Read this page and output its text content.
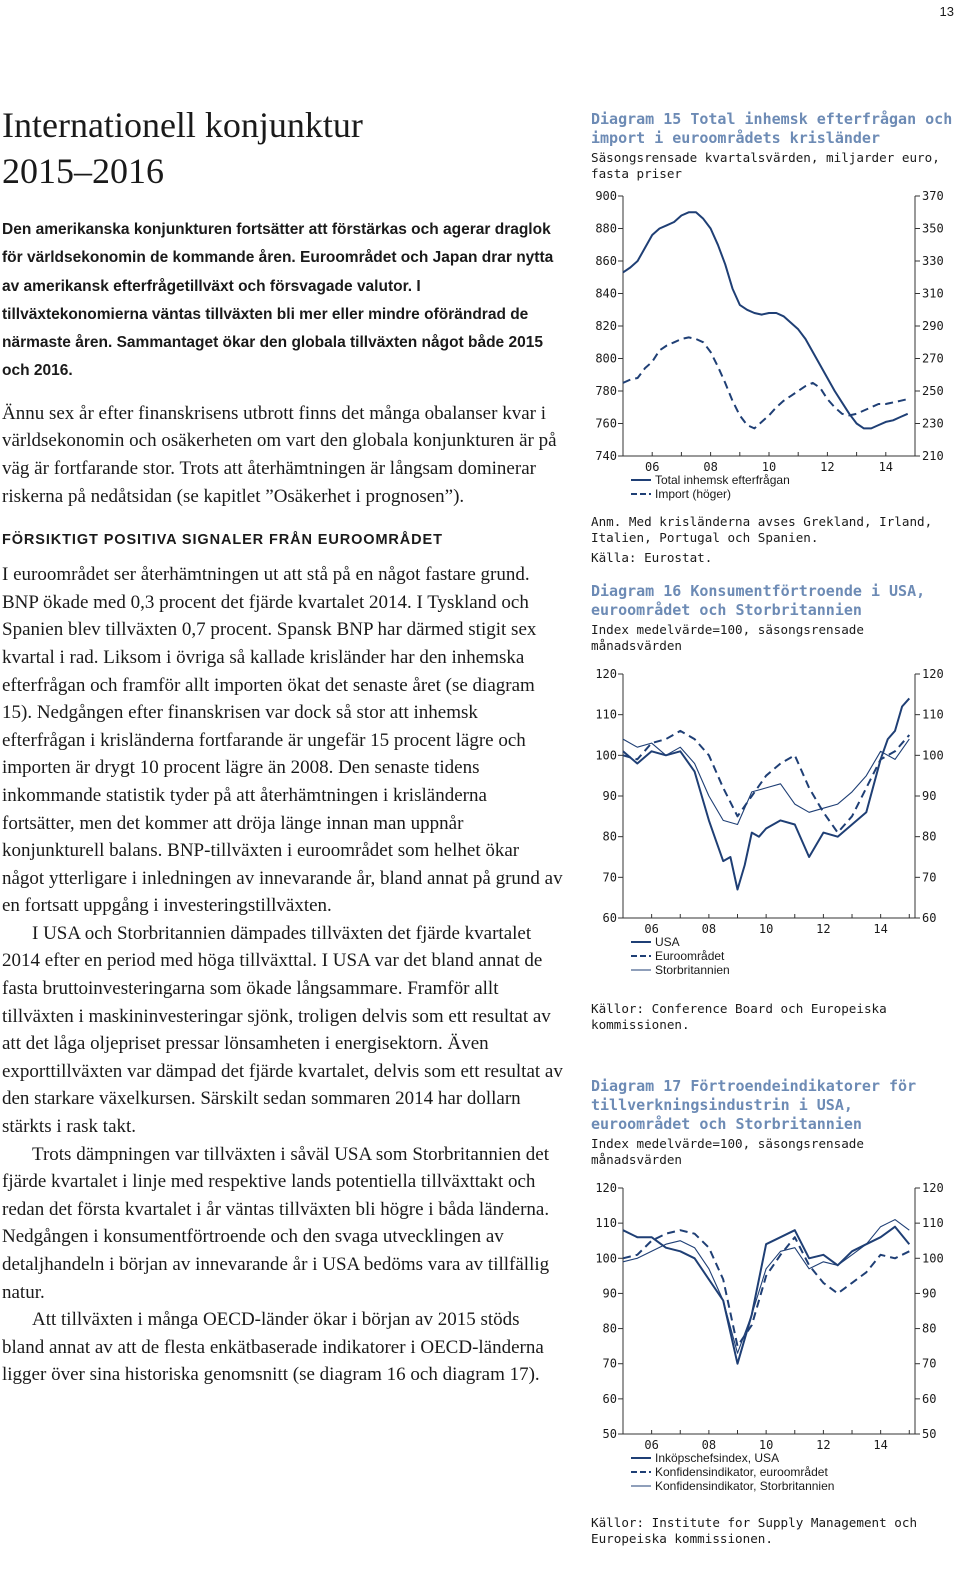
13
Internationell konjunktur
2015–2016

Den amerikanska konjunkturen fortsätter att förstärkas och agerar draglok för världsekonomin de kommande åren. Euroområdet och Japan drar nytta av amerikansk efterfrågetillväxt och försvagade valutor. I tillväxtekonomierna väntas tillväxten bli mer eller mindre oförändrad de närmaste åren. Sammantaget ökar den globala tillväxten något både 2015 och 2016.

Ännu sex år efter finanskrisens utbrott finns det många obalanser kvar i världsekonomin och osäkerheten om vart den globala konjunkturen är på väg är fortfarande stor. Trots att återhämtningen är långsam dominerar riskerna på nedåtsidan (se kapitlet ”Osäkerhet i prognosen”).

FÖRSIKTIGT POSITIVA SIGNALER FRÅN EUROOMRÅDET

I euroområdet ser återhämtningen ut att stå på en något fastare grund. BNP ökade med 0,3 procent det fjärde kvartalet 2014. I Tyskland och Spanien blev tillväxten 0,7 procent. Spansk BNP har därmed stigit sex kvartal i rad. Liksom i övriga så kallade krisländer har den inhemska efterfrågan och framför allt importen ökat det senaste året (se diagram 15). Nedgången efter finanskrisen var dock så stor att inhemsk efterfrågan i krisländerna fortfarande är ungefär 15 procent lägre och importen är drygt 10 procent lägre än 2008. Den senaste tidens inkommande statistik tyder på att återhämtningen i krisländerna fortsätter, men det kommer att dröja länge innan man uppnår konjunkturell balans. BNP-tillväxten i euroområdet som helhet ökar något ytterligare i inledningen av innevarande år, bland annat på grund av en fortsatt uppgång i investeringstillväxten.

I USA och Storbritannien dämpades tillväxten det fjärde kvartalet 2014 efter en period med höga tillväxttal. I USA var det bland annat de fasta bruttoinvesteringarna som ökade långsammare. Framför allt tillväxten i maskininvesteringar sjönk, troligen delvis som ett resultat av att det låga oljepriset pressar lönsamheten i energisektorn. Även exporttillväxten var dämpad det fjärde kvartalet, delvis som ett resultat av den starkare växelkursen. Särskilt sedan sommaren 2014 har dollarn stärkts i rask takt.

Trots dämpningen var tillväxten i såväl USA som Storbritannien det fjärde kvartalet i linje med respektive lands potentiella tillväxttakt och redan det första kvartalet i år väntas tillväxten bli högre i båda länderna. Nedgången i konsumentförtroende och den svaga utvecklingen av detaljhandeln i början av innevarande år i USA bedöms vara av tillfällig natur.

Att tillväxten i många OECD-länder ökar i början av 2015 stöds bland annat av att de flesta enkätbaserade indikatorer i OECD-länderna ligger över sina historiska genomsnitt (se diagram 16 och diagram 17).

Diagram 15 Total inhemsk efterfrågan och import i euroområdets krisländer
Säsongsrensade kvartalsvärden, miljarder euro, fasta priser
900
880
860
840
820
800
780
760
740
370
350
330
310
290
270
250
230
210
06	08	10	12	14
Total inhemsk efterfrågan
Import (höger)
Anm. Med krisländerna avses Grekland, Irland, Italien, Portugal och Spanien.
Källa: Eurostat.
Diagram 16 Konsumentförtroende i USA, euroområdet och Storbritannien
Index medelvärde=100, säsongsrensade månadsvärden
120
110
100
90
80
70
60
120
110
100
90
80
70
60
06	08	10	12	14
USA
Euroområdet
Storbritannien
Källor: Conference Board och Europeiska kommissionen.
Diagram 17 Förtroendeindikatorer för tillverkningsindustrin i USA, euroområdet och Storbritannien
Index medelvärde=100, säsongsrensade månadsvärden
120
110
100
90
80
70
60
50
120
110
100
90
80
70
60
50
06	08	10	12	14
Inköpschefsindex, USA
Konfidensindikator, euroområdet
Konfidensindikator, Storbritannien
Källor: Institute for Supply Management och Europeiska kommissionen.
